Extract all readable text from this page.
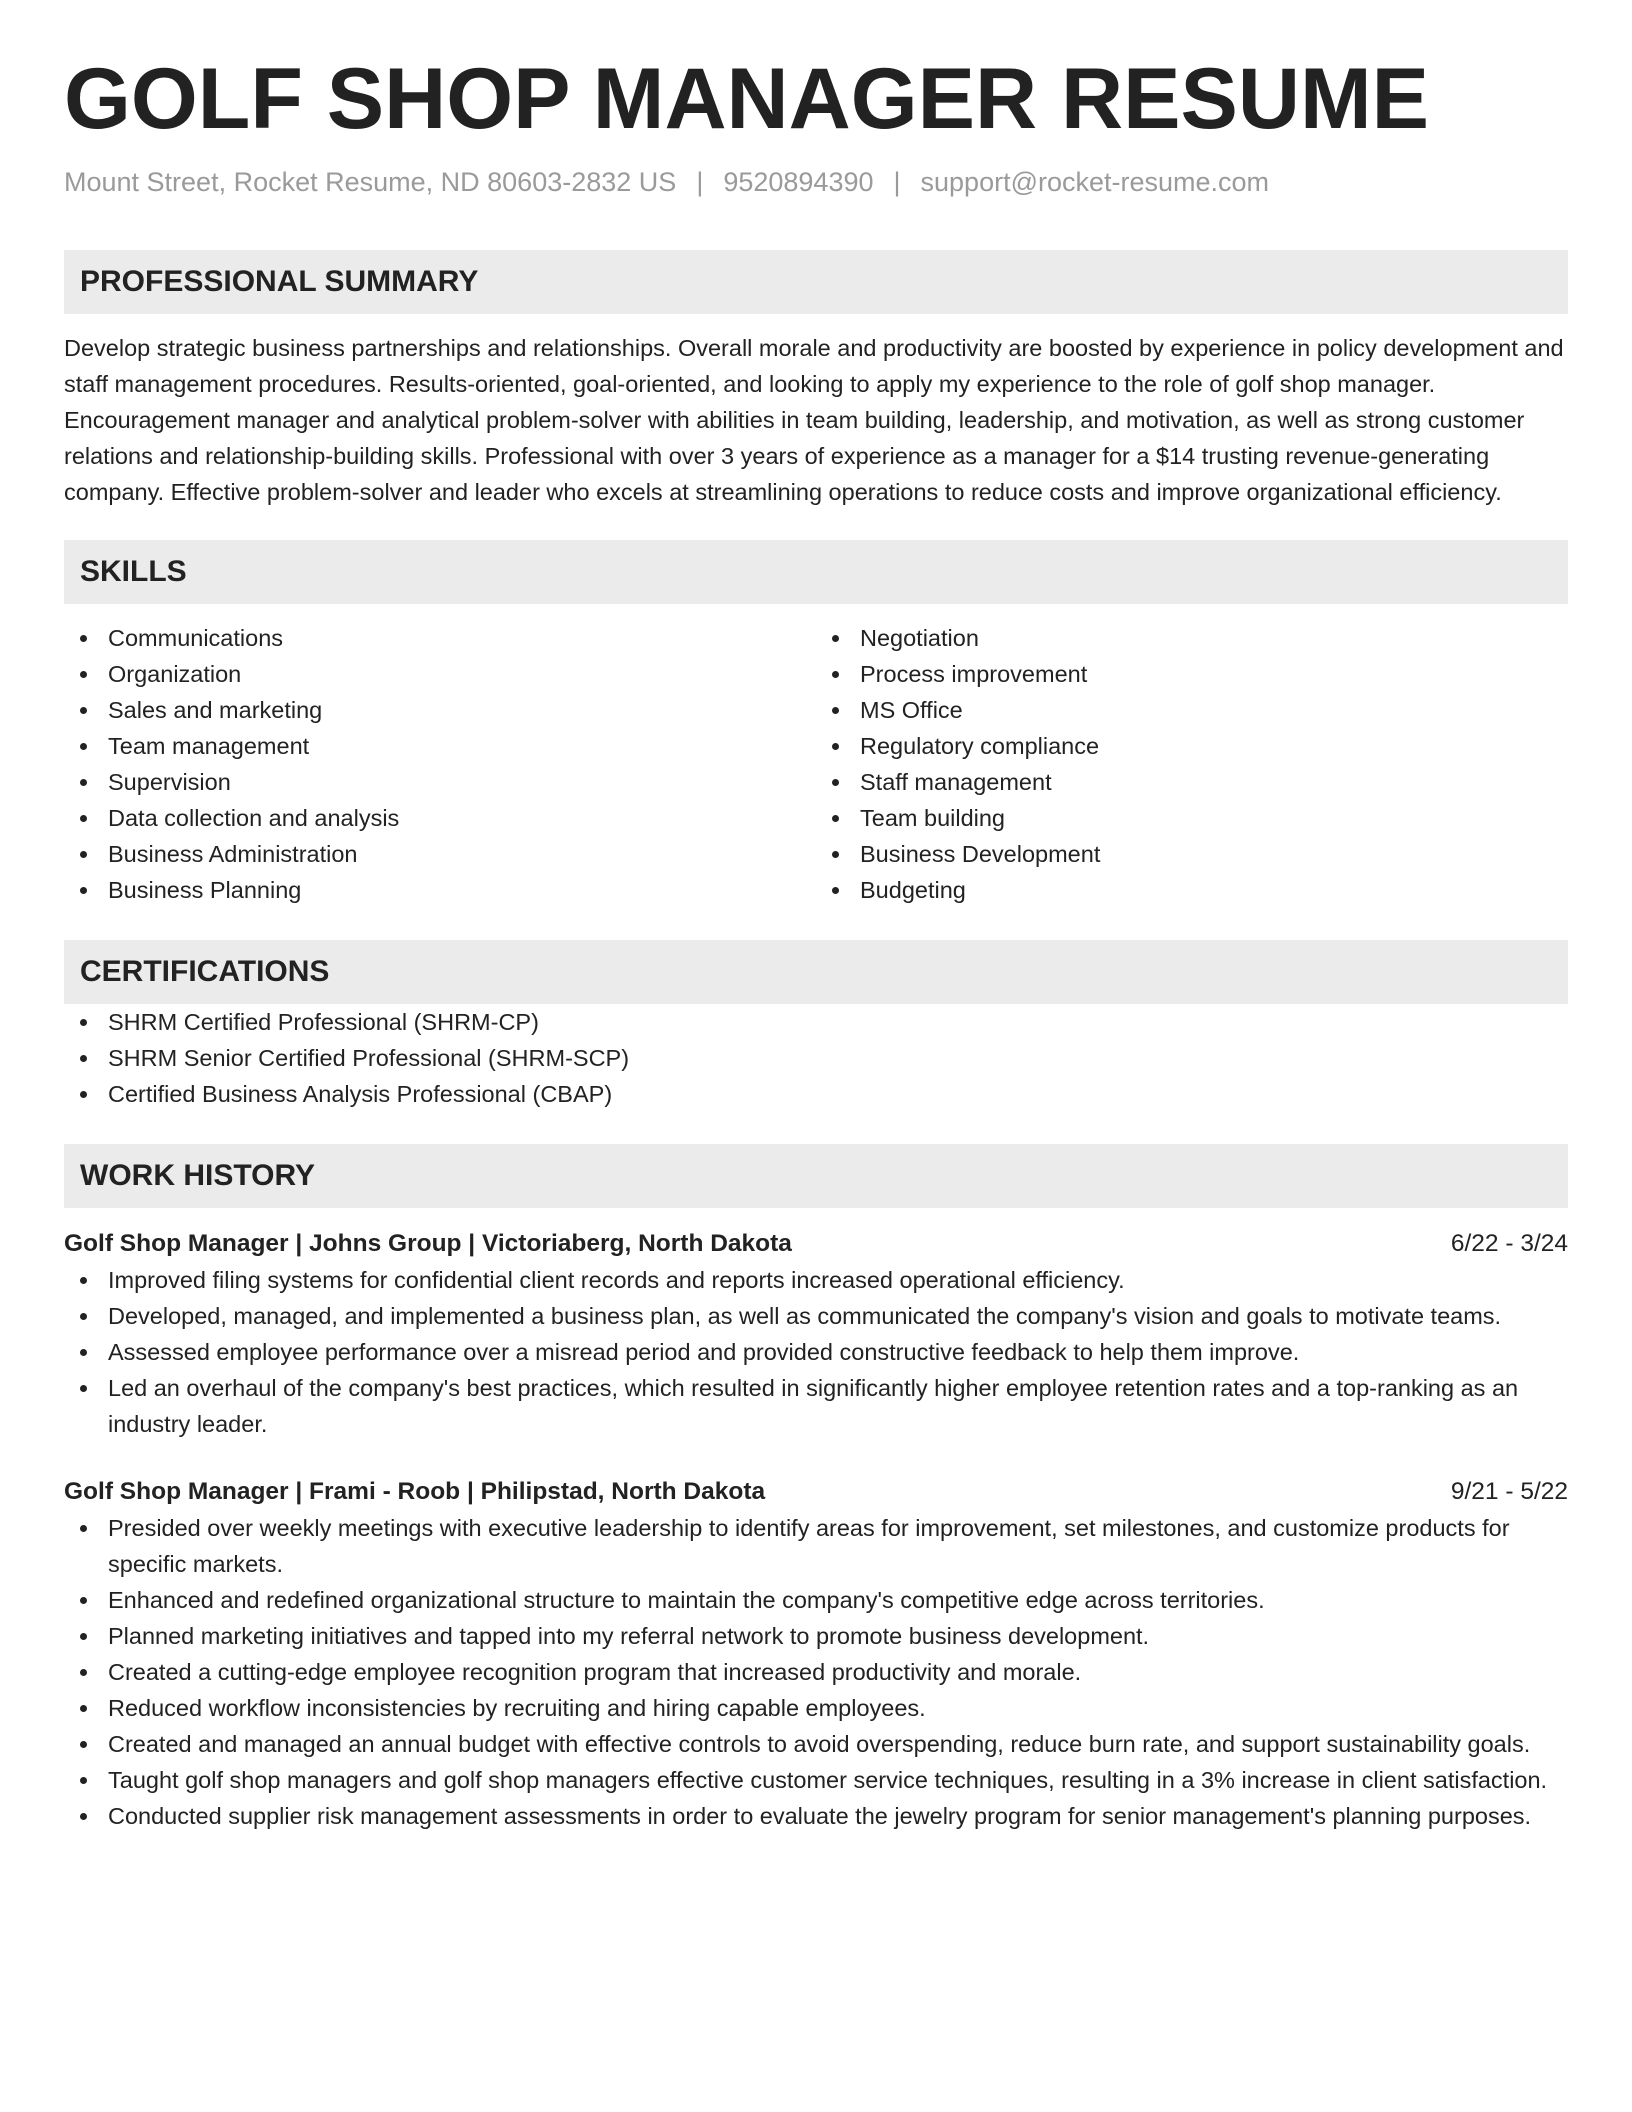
GOLF SHOP MANAGER RESUME
Mount Street, Rocket Resume, ND 80603-2832 US | 9520894390 | support@rocket-resume.com
PROFESSIONAL SUMMARY
Develop strategic business partnerships and relationships. Overall morale and productivity are boosted by experience in policy development and staff management procedures. Results-oriented, goal-oriented, and looking to apply my experience to the role of golf shop manager. Encouragement manager and analytical problem-solver with abilities in team building, leadership, and motivation, as well as strong customer relations and relationship-building skills. Professional with over 3 years of experience as a manager for a $14 trusting revenue-generating company. Effective problem-solver and leader who excels at streamlining operations to reduce costs and improve organizational efficiency.
SKILLS
Communications
Organization
Sales and marketing
Team management
Supervision
Data collection and analysis
Business Administration
Business Planning
Negotiation
Process improvement
MS Office
Regulatory compliance
Staff management
Team building
Business Development
Budgeting
CERTIFICATIONS
SHRM Certified Professional (SHRM-CP)
SHRM Senior Certified Professional (SHRM-SCP)
Certified Business Analysis Professional (CBAP)
WORK HISTORY
Golf Shop Manager | Johns Group | Victoriaberg, North Dakota	6/22 - 3/24
Improved filing systems for confidential client records and reports increased operational efficiency.
Developed, managed, and implemented a business plan, as well as communicated the company's vision and goals to motivate teams.
Assessed employee performance over a misread period and provided constructive feedback to help them improve.
Led an overhaul of the company's best practices, which resulted in significantly higher employee retention rates and a top-ranking as an industry leader.
Golf Shop Manager | Frami - Roob | Philipstad, North Dakota	9/21 - 5/22
Presided over weekly meetings with executive leadership to identify areas for improvement, set milestones, and customize products for specific markets.
Enhanced and redefined organizational structure to maintain the company's competitive edge across territories.
Planned marketing initiatives and tapped into my referral network to promote business development.
Created a cutting-edge employee recognition program that increased productivity and morale.
Reduced workflow inconsistencies by recruiting and hiring capable employees.
Created and managed an annual budget with effective controls to avoid overspending, reduce burn rate, and support sustainability goals.
Taught golf shop managers and golf shop managers effective customer service techniques, resulting in a 3% increase in client satisfaction.
Conducted supplier risk management assessments in order to evaluate the jewelry program for senior management's planning purposes.
